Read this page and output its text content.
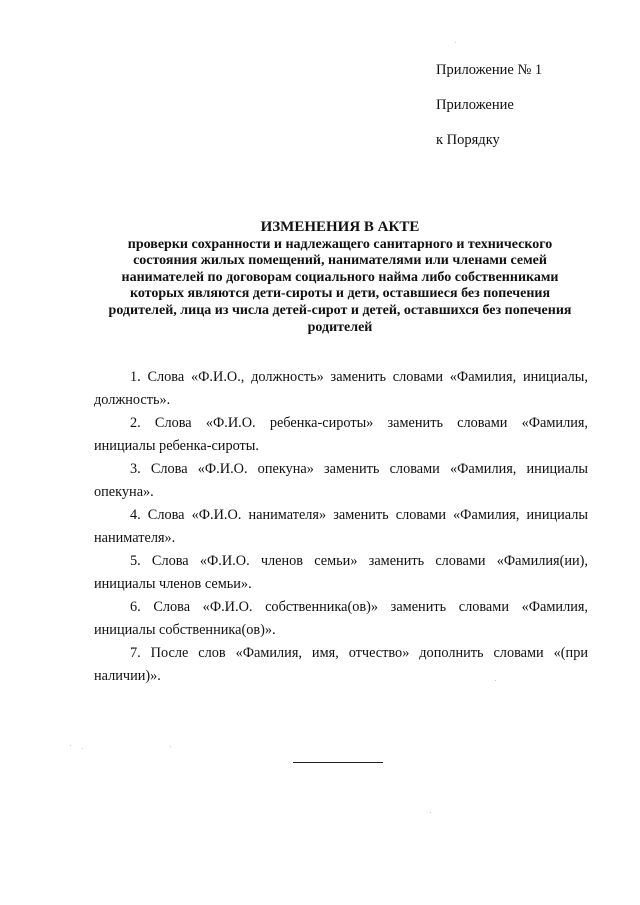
Приложение № 1
Приложение
к Порядку
ИЗМЕНЕНИЯ В АКТЕ
проверки сохранности и надлежащего санитарного и технического
состояния жилых помещений, нанимателями или членами семей
нанимателей по договорам социального найма либо собственниками
которых являются дети-сироты и дети, оставшиеся без попечения
родителей, лица из числа детей-сирот и детей, оставшихся без попечения
родителей

1. Слова «Ф.И.О., должность» заменить словами «Фамилия, инициалы, должность».

2. Слова «Ф.И.О. ребенка-сироты» заменить словами «Фамилия, инициалы ребенка-сироты.

3. Слова «Ф.И.О. опекуна» заменить словами «Фамилия, инициалы опекуна».

4. Слова «Ф.И.О. нанимателя» заменить словами «Фамилия, инициалы нанимателя».

5. Слова «Ф.И.О. членов семьи» заменить словами «Фамилия(ии), инициалы членов семьи».

6. Слова «Ф.И.О. собственника(ов)» заменить словами «Фамилия, инициалы собственника(ов)».

7. После слов «Фамилия, имя, отчество» дополнить словами «(при наличии)».
